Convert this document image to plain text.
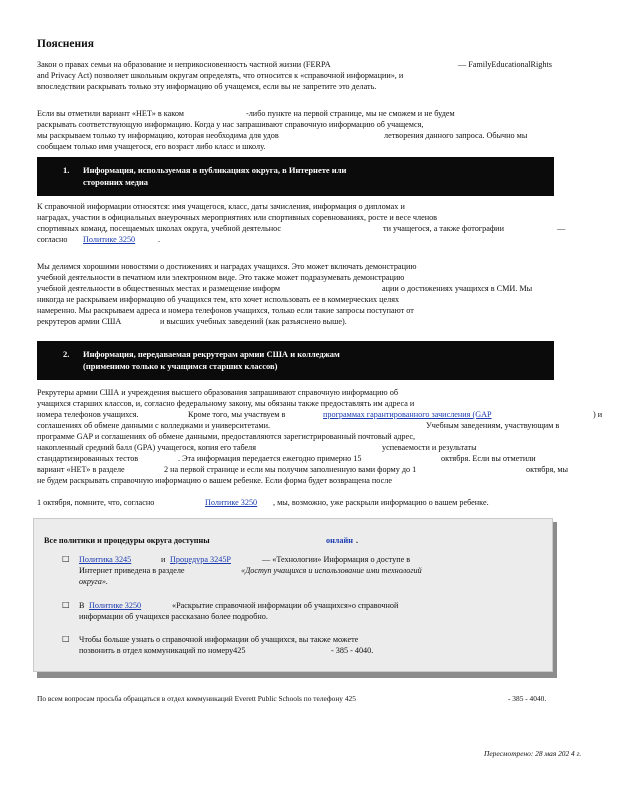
Пояснения
Закон о правах семьи на образование и неприкосновенность частной жизни (FERPA	— FamilyEducationalRights
and Privacy Act) позволяет школьным округам определять, что относится к «справочной информации», и
впоследствии раскрывать только эту информацию об учащемся, если вы не запретите это делать.
Если вы отметили вариант «НЕТ» в каком	-либо пункте на первой странице, мы не сможем и не будем
раскрывать соответствующую информацию. Когда у нас запрашивают справочную информацию об учащемся,
мы раскрываем только ту информацию, которая необходима для удов	летворения данного запроса. Обычно мы
сообщаем только имя учащегося, его возраст либо класс и школу.
1. Информация, используемая в публикациях округа, в Интернете или
сторонних медиа
К справочной информации относятся: имя учащегося, класс, даты зачисления, информация о дипломах и
наградах, участии в официальных внеурочных мероприятиях или спортивных соревнованиях, росте и весе членов
спортивных команд, посещаемых школах округа, учебной деятельнос	ти учащегося, а также фотографии	—
согласно Политике 3250	.
Мы делимся хорошими новостями о достижениях и наградах учащихся. Это может включать демонстрацию
учебной деятельности в печатном или электронном виде. Это также может подразумевать демонстрацию
учебной деятельности в общественных местах и размещение информ	ации о достижениях учащихся в СМИ. Мы
никогда не раскрываем информацию об учащихся тем, кто хочет использовать ее в коммерческих целях
намеренно. Мы раскрываем адреса и номера телефонов учащихся, только если такие запросы поступают от
рекрутеров армии США	и высших учебных заведений (как разъяснено выше).
2. Информация, передаваемая рекрутерам армии США и колледжам
(применимо только к учащимся старших классов)
Рекрутеры армии США и учреждения высшего образования запрашивают справочную информацию об
учащихся старших классов, и, согласно федеральному закону, мы обязаны также предоставлять им адреса и
номера телефонов учащихся.	Кроме того, мы участвуем в	программах гарантированного зачисления (GAP	) и
соглашениях об обмене данными с колледжами и университетами.	Учебным заведениям, участвующим в
программе GAP и соглашениях об обмене данными, предоставляются зарегистрированный почтовый адрес,
накопленный средний балл (GPA) учащегося, копия его табеля	успеваемости и результаты
стандартизированных тестов	. Эта информация передается ежегодно примерно 15	октября. Если вы отметили
вариант «НЕТ» в разделе	2 на первой странице и если мы получим заполненную вами форму до 1	октября, мы
не будем раскрывать справочную информацию о вашем ребенке. Если форма будет возвращена после
1 октября, помните, что, согласно	Политике 3250 , мы, возможно, уже раскрыли информацию о вашем ребенке.
Все политики и процедуры округа доступны	онлайн .
□ Политика 3245	и Процедура 3245P	— «Технологии» Информация о доступе в
Интернет приведена в разделе	«Доступ учащихся и использование ими технологий
округа».
□ В Политике 3250	«Раскрытие справочной информации об учащихся»о справочной
информации об учащихся рассказано более подробно.
□ Чтобы больше узнать о справочной информации об учащихся, вы также можете
позвонить в отдел коммуникаций по номеру425	- 385 - 4040.
По всем вопросам просьба обращаться в отдел коммуникаций Everett Public Schools по телефону 425	- 385 - 4040.
Пересмотрено: 28 мая 202 4 г.
